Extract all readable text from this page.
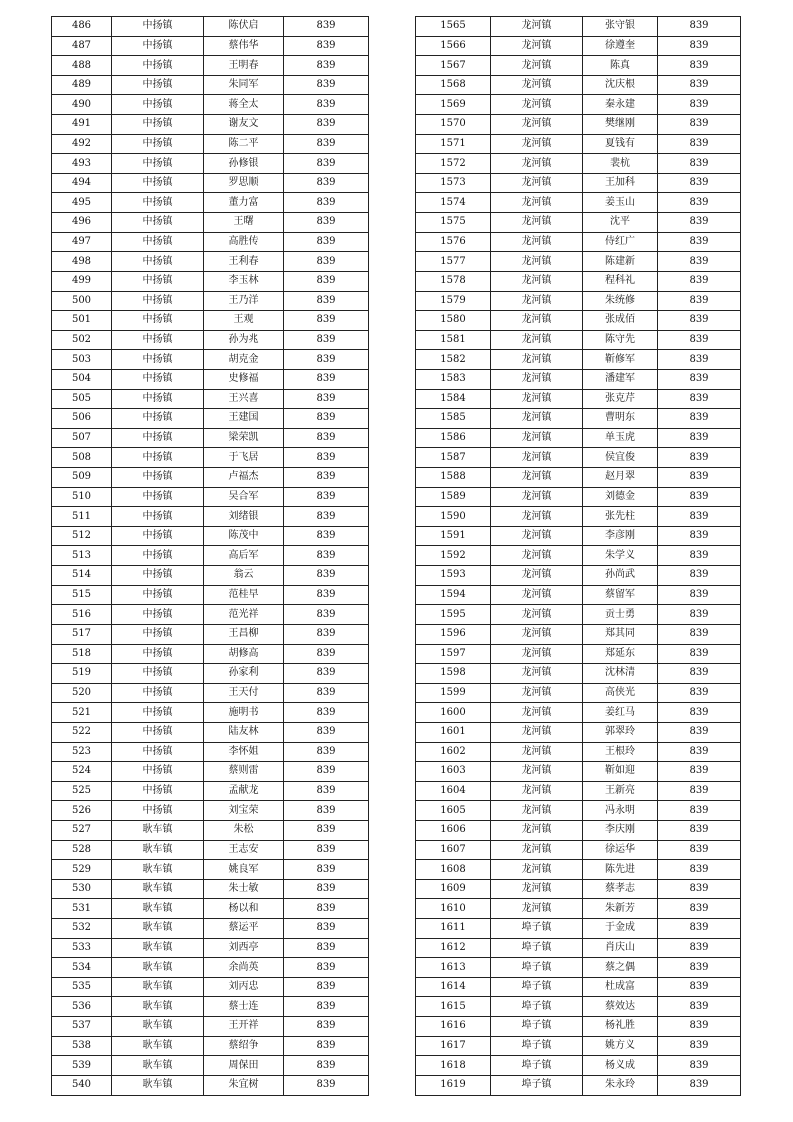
486	中扬镇	陈伏启	839
487	中扬镇	蔡伟华	839
488	中扬镇	王明春	839
489	中扬镇	朱同军	839
490	中扬镇	蒋全太	839
491	中扬镇	谢友文	839
492	中扬镇	陈二平	839
493	中扬镇	孙修银	839
494	中扬镇	罗思顺	839
495	中扬镇	董力富	839
496	中扬镇	王曙	839
497	中扬镇	高胜传	839
498	中扬镇	王利春	839
499	中扬镇	李玉林	839
500	中扬镇	王乃洋	839
501	中扬镇	王观	839
502	中扬镇	孙为兆	839
503	中扬镇	胡克金	839
504	中扬镇	史修福	839
505	中扬镇	王兴喜	839
506	中扬镇	王建国	839
507	中扬镇	梁荣凯	839
508	中扬镇	于飞居	839
509	中扬镇	卢福杰	839
510	中扬镇	吴合军	839
511	中扬镇	刘绪银	839
512	中扬镇	陈茂中	839
513	中扬镇	高后军	839
514	中扬镇	翁云	839
515	中扬镇	范桂早	839
516	中扬镇	范光祥	839
517	中扬镇	王昌柳	839
518	中扬镇	胡修高	839
519	中扬镇	孙家利	839
520	中扬镇	王天付	839
521	中扬镇	施明书	839
522	中扬镇	陆友林	839
523	中扬镇	李怀姐	839
524	中扬镇	蔡则雷	839
525	中扬镇	孟献龙	839
526	中扬镇	刘宝荣	839
527	耿车镇	朱松	839
528	耿车镇	王志安	839
529	耿车镇	姚良军	839
530	耿车镇	朱士敏	839
531	耿车镇	杨以和	839
532	耿车镇	蔡运平	839
533	耿车镇	刘西亭	839
534	耿车镇	余尚英	839
535	耿车镇	刘丙忠	839
536	耿车镇	蔡士连	839
537	耿车镇	王开祥	839
538	耿车镇	蔡绍争	839
539	耿车镇	周保田	839
540	耿车镇	朱宜树	839
1565	龙河镇	张守银	839
1566	龙河镇	徐遵奎	839
1567	龙河镇	陈真	839
1568	龙河镇	沈庆根	839
1569	龙河镇	秦永建	839
1570	龙河镇	樊继刚	839
1571	龙河镇	夏钱有	839
1572	龙河镇	裴杭	839
1573	龙河镇	王加科	839
1574	龙河镇	姜玉山	839
1575	龙河镇	沈平	839
1576	龙河镇	侍红广	839
1577	龙河镇	陈建新	839
1578	龙河镇	程科礼	839
1579	龙河镇	朱统修	839
1580	龙河镇	张成佰	839
1581	龙河镇	陈守先	839
1582	龙河镇	靳修军	839
1583	龙河镇	潘建军	839
1584	龙河镇	张克芹	839
1585	龙河镇	曹明东	839
1586	龙河镇	单玉虎	839
1587	龙河镇	侯宜俊	839
1588	龙河镇	赵月翠	839
1589	龙河镇	刘德金	839
1590	龙河镇	张先柱	839
1591	龙河镇	李彦刚	839
1592	龙河镇	朱学义	839
1593	龙河镇	孙尚武	839
1594	龙河镇	蔡留军	839
1595	龙河镇	贡士勇	839
1596	龙河镇	郑其同	839
1597	龙河镇	郑延东	839
1598	龙河镇	沈林清	839
1599	龙河镇	高侠光	839
1600	龙河镇	姜红马	839
1601	龙河镇	郭翠玲	839
1602	龙河镇	王根玲	839
1603	龙河镇	靳如迎	839
1604	龙河镇	王新亮	839
1605	龙河镇	冯永明	839
1606	龙河镇	李庆刚	839
1607	龙河镇	徐运华	839
1608	龙河镇	陈先进	839
1609	龙河镇	蔡孝志	839
1610	龙河镇	朱新芳	839
1611	埠子镇	于金成	839
1612	埠子镇	肖庆山	839
1613	埠子镇	蔡之偶	839
1614	埠子镇	杜成富	839
1615	埠子镇	蔡效达	839
1616	埠子镇	杨礼胜	839
1617	埠子镇	姚方义	839
1618	埠子镇	杨义成	839
1619	埠子镇	朱永玲	839
